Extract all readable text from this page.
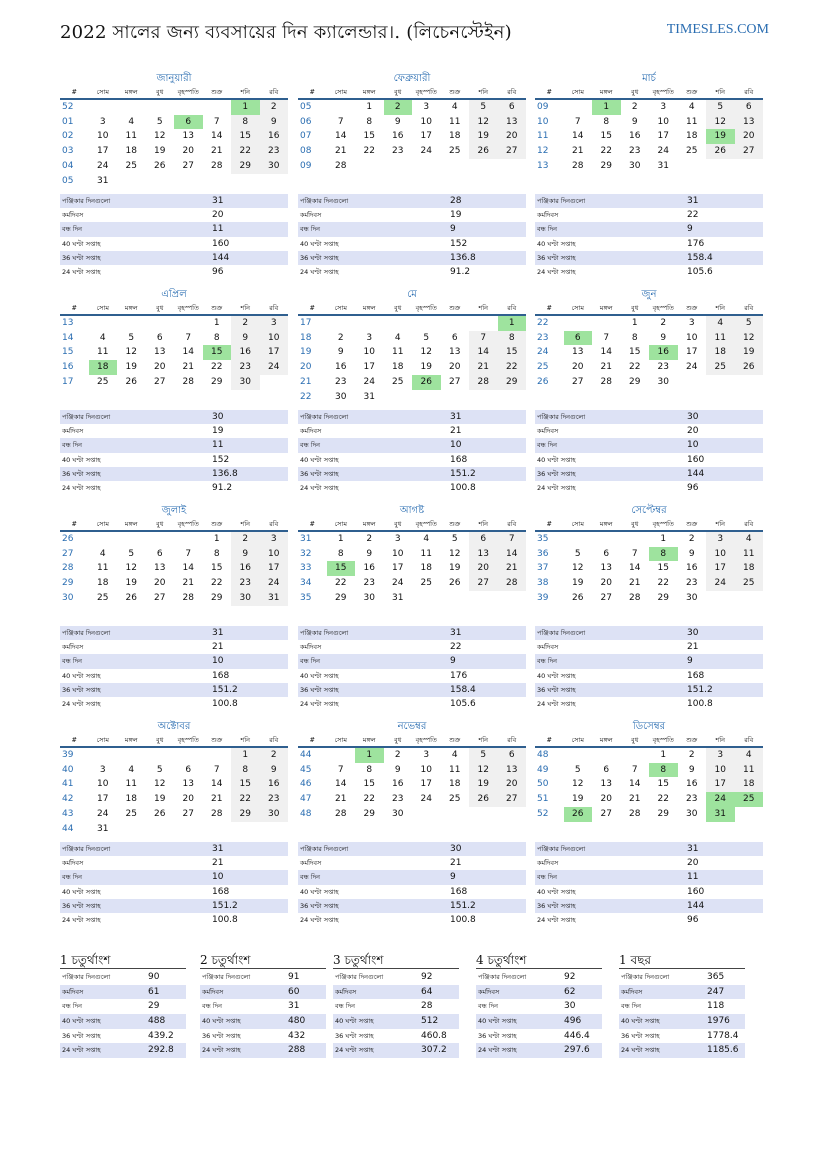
2022 সালের জন্য ব্যবসায়ের দিন ক্যালেন্ডার।. (লিচেনস্টেইন)	TIMESLES.COM
জানুয়ারী
#	সোম	মঙ্গল	বুধ	বৃহস্পতি	শুক্র	শনি	রবি
52						1	2
01	3	4	5	6	7	8	9
02	10	11	12	13	14	15	16
03	17	18	19	20	21	22	23
04	24	25	26	27	28	29	30
05	31						
পঞ্জিকার দিনগুলো	31
কর্মদিবস	20
বন্ধ দিন	11
40 ঘণ্টা সপ্তাহ	160
36 ঘণ্টা সপ্তাহ	144
24 ঘণ্টা সপ্তাহ	96
ফেব্রুয়ারী
#	সোম	মঙ্গল	বুধ	বৃহস্পতি	শুক্র	শনি	রবি
05		1	2	3	4	5	6
06	7	8	9	10	11	12	13
07	14	15	16	17	18	19	20
08	21	22	23	24	25	26	27
09	28						
পঞ্জিকার দিনগুলো	28
কর্মদিবস	19
বন্ধ দিন	9
40 ঘণ্টা সপ্তাহ	152
36 ঘণ্টা সপ্তাহ	136.8
24 ঘণ্টা সপ্তাহ	91.2
মার্চ
#	সোম	মঙ্গল	বুধ	বৃহস্পতি	শুক্র	শনি	রবি
09		1	2	3	4	5	6
10	7	8	9	10	11	12	13
11	14	15	16	17	18	19	20
12	21	22	23	24	25	26	27
13	28	29	30	31			
পঞ্জিকার দিনগুলো	31
কর্মদিবস	22
বন্ধ দিন	9
40 ঘণ্টা সপ্তাহ	176
36 ঘণ্টা সপ্তাহ	158.4
24 ঘণ্টা সপ্তাহ	105.6
এপ্রিল
#	সোম	মঙ্গল	বুধ	বৃহস্পতি	শুক্র	শনি	রবি
13					1	2	3
14	4	5	6	7	8	9	10
15	11	12	13	14	15	16	17
16	18	19	20	21	22	23	24
17	25	26	27	28	29	30	
পঞ্জিকার দিনগুলো	30
কর্মদিবস	19
বন্ধ দিন	11
40 ঘণ্টা সপ্তাহ	152
36 ঘণ্টা সপ্তাহ	136.8
24 ঘণ্টা সপ্তাহ	91.2
মে
#	সোম	মঙ্গল	বুধ	বৃহস্পতি	শুক্র	শনি	রবি
17							1
18	2	3	4	5	6	7	8
19	9	10	11	12	13	14	15
20	16	17	18	19	20	21	22
21	23	24	25	26	27	28	29
22	30	31					
পঞ্জিকার দিনগুলো	31
কর্মদিবস	21
বন্ধ দিন	10
40 ঘণ্টা সপ্তাহ	168
36 ঘণ্টা সপ্তাহ	151.2
24 ঘণ্টা সপ্তাহ	100.8
জুন
#	সোম	মঙ্গল	বুধ	বৃহস্পতি	শুক্র	শনি	রবি
22			1	2	3	4	5
23	6	7	8	9	10	11	12
24	13	14	15	16	17	18	19
25	20	21	22	23	24	25	26
26	27	28	29	30			
পঞ্জিকার দিনগুলো	30
কর্মদিবস	20
বন্ধ দিন	10
40 ঘণ্টা সপ্তাহ	160
36 ঘণ্টা সপ্তাহ	144
24 ঘণ্টা সপ্তাহ	96
জুলাই
#	সোম	মঙ্গল	বুধ	বৃহস্পতি	শুক্র	শনি	রবি
26					1	2	3
27	4	5	6	7	8	9	10
28	11	12	13	14	15	16	17
29	18	19	20	21	22	23	24
30	25	26	27	28	29	30	31
পঞ্জিকার দিনগুলো	31
কর্মদিবস	21
বন্ধ দিন	10
40 ঘণ্টা সপ্তাহ	168
36 ঘণ্টা সপ্তাহ	151.2
24 ঘণ্টা সপ্তাহ	100.8
আগষ্ট
#	সোম	মঙ্গল	বুধ	বৃহস্পতি	শুক্র	শনি	রবি
31	1	2	3	4	5	6	7
32	8	9	10	11	12	13	14
33	15	16	17	18	19	20	21
34	22	23	24	25	26	27	28
35	29	30	31				
পঞ্জিকার দিনগুলো	31
কর্মদিবস	22
বন্ধ দিন	9
40 ঘণ্টা সপ্তাহ	176
36 ঘণ্টা সপ্তাহ	158.4
24 ঘণ্টা সপ্তাহ	105.6
সেপ্টেম্বর
#	সোম	মঙ্গল	বুধ	বৃহস্পতি	শুক্র	শনি	রবি
35				1	2	3	4
36	5	6	7	8	9	10	11
37	12	13	14	15	16	17	18
38	19	20	21	22	23	24	25
39	26	27	28	29	30		
পঞ্জিকার দিনগুলো	30
কর্মদিবস	21
বন্ধ দিন	9
40 ঘণ্টা সপ্তাহ	168
36 ঘণ্টা সপ্তাহ	151.2
24 ঘণ্টা সপ্তাহ	100.8
অক্টোবর
#	সোম	মঙ্গল	বুধ	বৃহস্পতি	শুক্র	শনি	রবি
39						1	2
40	3	4	5	6	7	8	9
41	10	11	12	13	14	15	16
42	17	18	19	20	21	22	23
43	24	25	26	27	28	29	30
44	31						
পঞ্জিকার দিনগুলো	31
কর্মদিবস	21
বন্ধ দিন	10
40 ঘণ্টা সপ্তাহ	168
36 ঘণ্টা সপ্তাহ	151.2
24 ঘণ্টা সপ্তাহ	100.8
নভেম্বর
#	সোম	মঙ্গল	বুধ	বৃহস্পতি	শুক্র	শনি	রবি
44		1	2	3	4	5	6
45	7	8	9	10	11	12	13
46	14	15	16	17	18	19	20
47	21	22	23	24	25	26	27
48	28	29	30				
পঞ্জিকার দিনগুলো	30
কর্মদিবস	21
বন্ধ দিন	9
40 ঘণ্টা সপ্তাহ	168
36 ঘণ্টা সপ্তাহ	151.2
24 ঘণ্টা সপ্তাহ	100.8
ডিসেম্বর
#	সোম	মঙ্গল	বুধ	বৃহস্পতি	শুক্র	শনি	রবি
48				1	2	3	4
49	5	6	7	8	9	10	11
50	12	13	14	15	16	17	18
51	19	20	21	22	23	24	25
52	26	27	28	29	30	31	
পঞ্জিকার দিনগুলো	31
কর্মদিবস	20
বন্ধ দিন	11
40 ঘণ্টা সপ্তাহ	160
36 ঘণ্টা সপ্তাহ	144
24 ঘণ্টা সপ্তাহ	96
1 চতুর্থাংশ
পঞ্জিকার দিনগুলো	90
কর্মদিবস	61
বন্ধ দিন	29
40 ঘণ্টা সপ্তাহ	488
36 ঘণ্টা সপ্তাহ	439.2
24 ঘণ্টা সপ্তাহ	292.8
2 চতুর্থাংশ
পঞ্জিকার দিনগুলো	91
কর্মদিবস	60
বন্ধ দিন	31
40 ঘণ্টা সপ্তাহ	480
36 ঘণ্টা সপ্তাহ	432
24 ঘণ্টা সপ্তাহ	288
3 চতুর্থাংশ
পঞ্জিকার দিনগুলো	92
কর্মদিবস	64
বন্ধ দিন	28
40 ঘণ্টা সপ্তাহ	512
36 ঘণ্টা সপ্তাহ	460.8
24 ঘণ্টা সপ্তাহ	307.2
4 চতুর্থাংশ
পঞ্জিকার দিনগুলো	92
কর্মদিবস	62
বন্ধ দিন	30
40 ঘণ্টা সপ্তাহ	496
36 ঘণ্টা সপ্তাহ	446.4
24 ঘণ্টা সপ্তাহ	297.6
1 বছর
পঞ্জিকার দিনগুলো	365
কর্মদিবস	247
বন্ধ দিন	118
40 ঘণ্টা সপ্তাহ	1976
36 ঘণ্টা সপ্তাহ	1778.4
24 ঘণ্টা সপ্তাহ	1185.6
